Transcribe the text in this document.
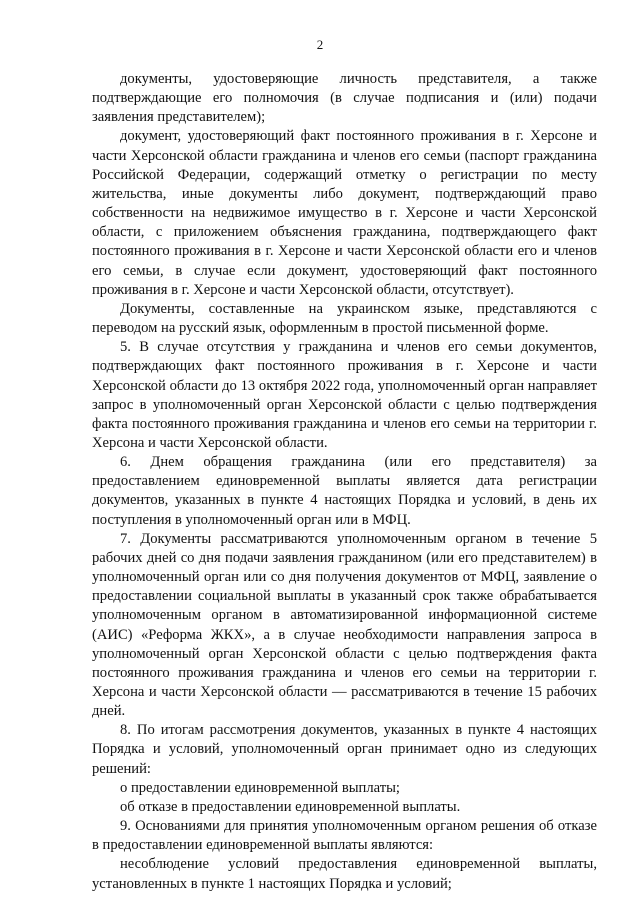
2

документы, удостоверяющие личность представителя, а также подтверждающие его полномочия (в случае подписания и (или) подачи заявления представителем);

документ, удостоверяющий факт постоянного проживания в г. Херсоне и части Херсонской области гражданина и членов его семьи (паспорт гражданина Российской Федерации, содержащий отметку о регистрации по месту жительства, иные документы либо документ, подтверждающий право собственности на недвижимое имущество в г. Херсоне и части Херсонской области, с приложением объяснения гражданина, подтверждающего факт постоянного проживания в г. Херсоне и части Херсонской области его и членов его семьи, в случае если документ, удостоверяющий факт постоянного проживания в г. Херсоне и части Херсонской области, отсутствует).

Документы, составленные на украинском языке, представляются с переводом на русский язык, оформленным в простой письменной форме.

5. В случае отсутствия у гражданина и членов его семьи документов, подтверждающих факт постоянного проживания в г. Херсоне и части Херсонской области до 13 октября 2022 года, уполномоченный орган направляет запрос в уполномоченный орган Херсонской области с целью подтверждения факта постоянного проживания гражданина и членов его семьи на территории г. Херсона и части Херсонской области.

6. Днем обращения гражданина (или его представителя) за предоставлением единовременной выплаты является дата регистрации документов, указанных в пункте 4 настоящих Порядка и условий, в день их поступления в уполномоченный орган или в МФЦ.

7. Документы рассматриваются уполномоченным органом в течение 5 рабочих дней со дня подачи заявления гражданином (или его представителем) в уполномоченный орган или со дня получения документов от МФЦ, заявление о предоставлении социальной выплаты в указанный срок также обрабатывается уполномоченным органом в автоматизированной информационной системе (АИС) «Реформа ЖКХ», а в случае необходимости направления запроса в уполномоченный орган Херсонской области с целью подтверждения факта постоянного проживания гражданина и членов его семьи на территории г. Херсона и части Херсонской области — рассматриваются в течение 15 рабочих дней.

8. По итогам рассмотрения документов, указанных в пункте 4 настоящих Порядка и условий, уполномоченный орган принимает одно из следующих решений:

о предоставлении единовременной выплаты;

об отказе в предоставлении единовременной выплаты.

9. Основаниями для принятия уполномоченным органом решения об отказе в предоставлении единовременной выплаты являются:

несоблюдение условий предоставления единовременной выплаты, установленных в пункте 1 настоящих Порядка и условий;
